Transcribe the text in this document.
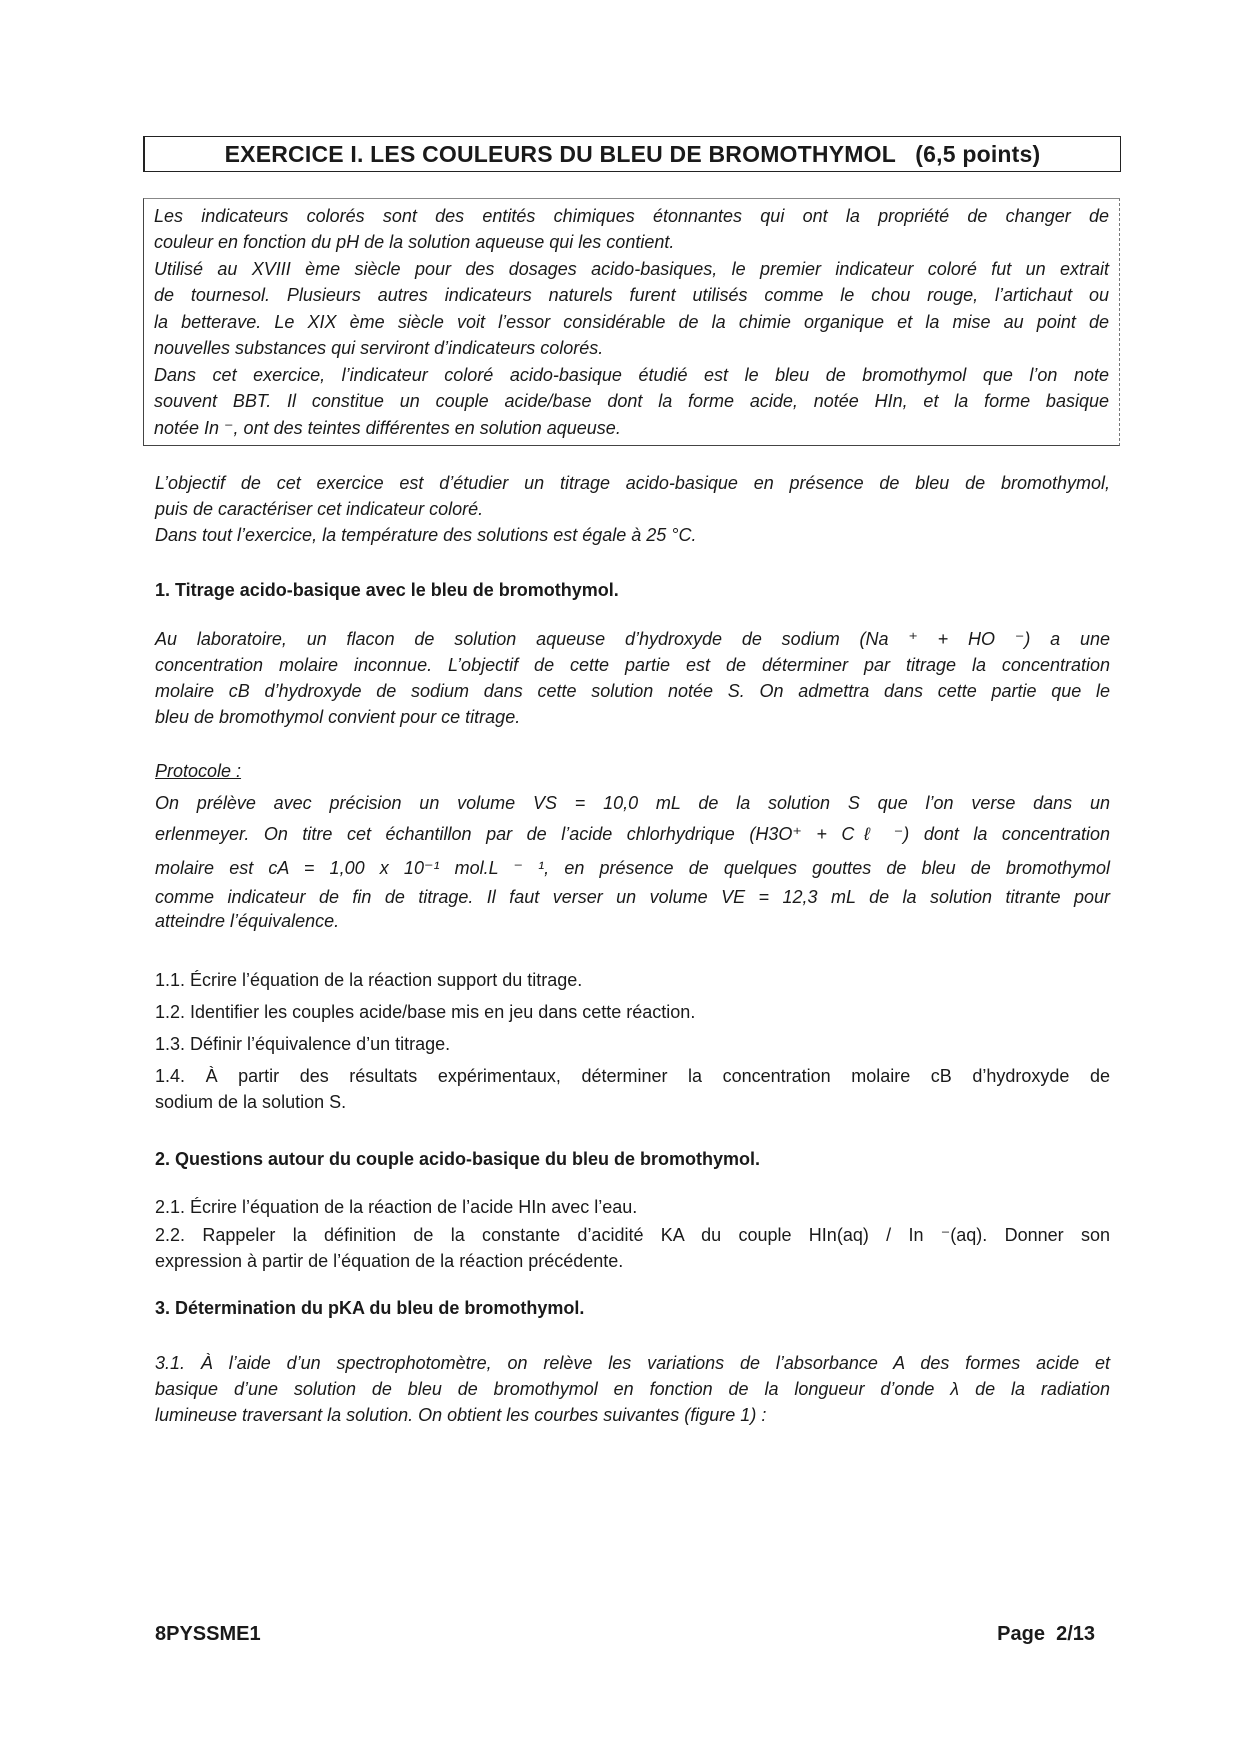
EXERCICE I. LES COULEURS DU BLEU DE BROMOTHYMOL   (6,5 points)

Les indicateurs colorés sont des entités chimiques étonnantes qui ont la propriété de changer de

couleur en fonction du pH de la solution aqueuse qui les contient.

Utilisé au XVIII ème siècle pour des dosages acido-basiques, le premier indicateur coloré fut un extrait

de tournesol. Plusieurs autres indicateurs naturels furent utilisés comme le chou rouge, l’artichaut ou

la betterave. Le XIX ème siècle voit l’essor considérable de la chimie organique et la mise au point de

nouvelles substances qui serviront d’indicateurs colorés.

Dans cet exercice, l’indicateur coloré acido-basique étudié est le bleu de bromothymol que l’on note

souvent BBT. Il constitue un couple acide/base dont la forme acide, notée HIn, et la forme basique

notée In ⁻, ont des teintes différentes en solution aqueuse.

L’objectif de cet exercice est d’étudier un titrage acido-basique en présence de bleu de bromothymol,

puis de caractériser cet indicateur coloré.

Dans tout l’exercice, la température des solutions est égale à 25 °C.

1. Titrage acido-basique avec le bleu de bromothymol.

Au laboratoire, un flacon de solution aqueuse d’hydroxyde de sodium (Na ⁺ + HO ⁻) a une

concentration molaire inconnue. L’objectif de cette partie est de déterminer par titrage la concentration

molaire cB d’hydroxyde de sodium dans cette solution notée S. On admettra dans cette partie que le

bleu de bromothymol convient pour ce titrage.

Protocole :

On prélève avec précision un volume VS = 10,0 mL de la solution S que l’on verse dans un

erlenmeyer. On titre cet échantillon par de l’acide chlorhydrique (H3O⁺ + Cℓ ⁻) dont la concentration

molaire est cA = 1,00 x 10⁻¹ mol.L ⁻ ¹, en présence de quelques gouttes de bleu de bromothymol

comme indicateur de fin de titrage. Il faut verser un volume VE = 12,3 mL de la solution titrante pour

atteindre l’équivalence.

1.1. Écrire l’équation de la réaction support du titrage.
1.2. Identifier les couples acide/base mis en jeu dans cette réaction.
1.3. Définir l’équivalence d’un titrage.

1.4. À partir des résultats expérimentaux, déterminer la concentration molaire cB d’hydroxyde de

sodium de la solution S.

2. Questions autour du couple acido-basique du bleu de bromothymol.
2.1. Écrire l’équation de la réaction de l’acide HIn avec l’eau.

2.2. Rappeler la définition de la constante d’acidité KA du couple HIn(aq) / In ⁻(aq). Donner son

expression à partir de l’équation de la réaction précédente.

3. Détermination du pKA du bleu de bromothymol.

3.1. À l’aide d’un spectrophotomètre, on relève les variations de l’absorbance A des formes acide et

basique d’une solution de bleu de bromothymol en fonction de la longueur d’onde λ de la radiation

lumineuse traversant la solution. On obtient les courbes suivantes (figure 1) :

8PYSSME1	Page  2/13
